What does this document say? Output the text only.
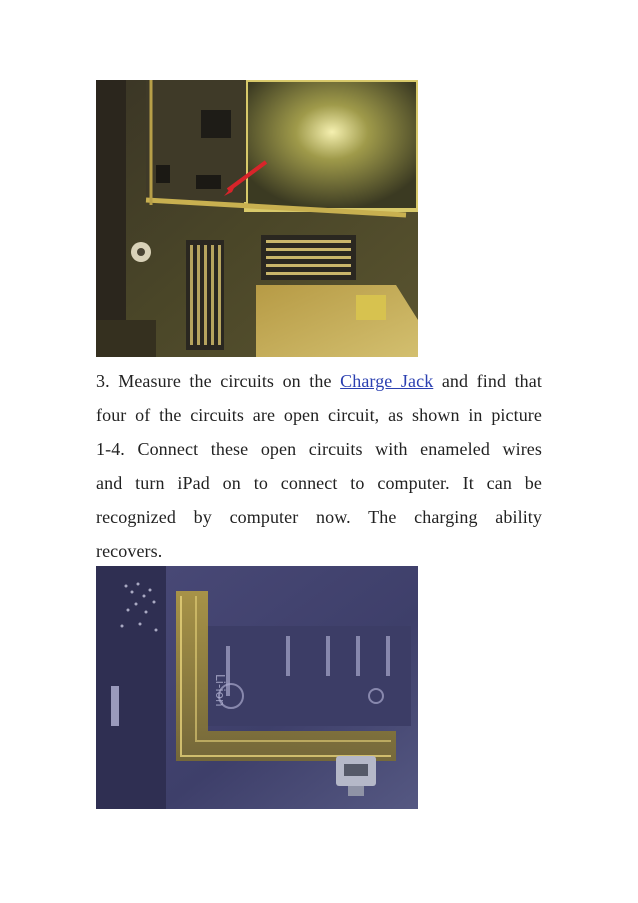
3. Measure the circuits on the Charge Jack and find that
four of the circuits are open circuit, as shown in picture
1-4. Connect these open circuits with enameled wires
and turn iPad on to connect to computer. It can be
recognized by computer now. The charging ability
recovers.
Li-ion
